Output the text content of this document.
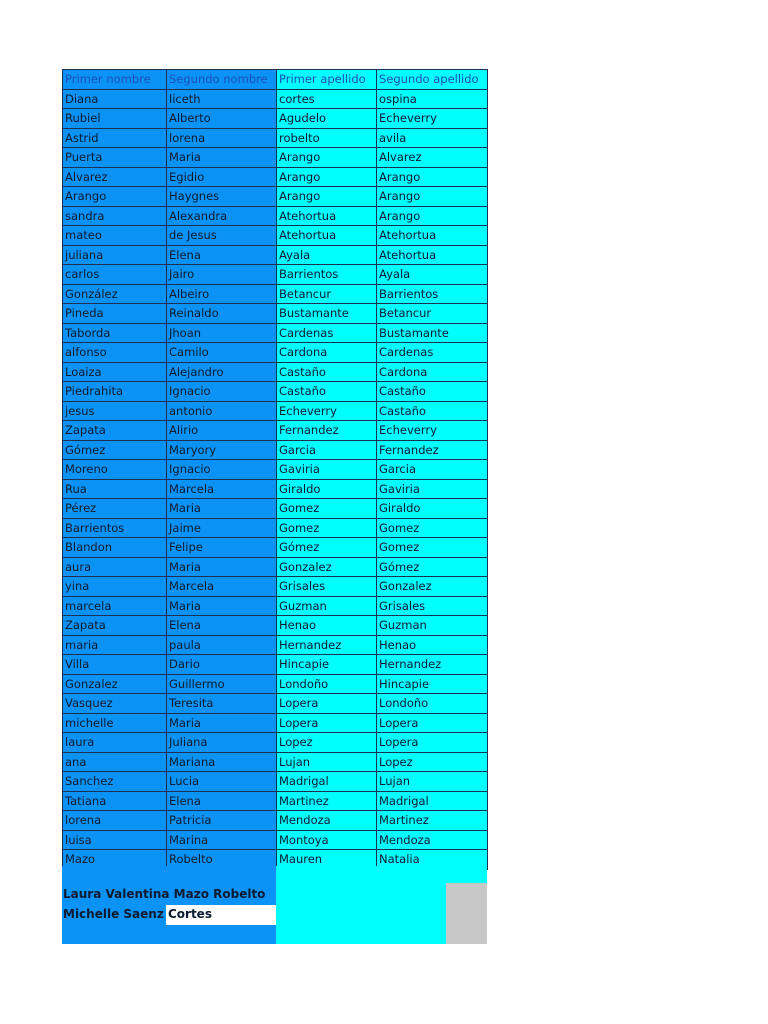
Primer nombre	Segundo nombre	Primer apellido	Segundo apellido
Diana	liceth	cortes	ospina
Rubiel	Alberto	Agudelo	Echeverry
Astrid	lorena	robelto	avila
Puerta	Maria	Arango	Alvarez
Alvarez	Egidio	Arango	Arango
Arango	Haygnes	Arango	Arango
sandra	Alexandra	Atehortua	Arango
mateo	de Jesus	Atehortua	Atehortua
juliana	Elena	Ayala	Atehortua
carlos	Jairo	Barrientos	Ayala
González	Albeiro	Betancur	Barrientos
Pineda	Reinaldo	Bustamante	Betancur
Taborda	Jhoan	Cardenas	Bustamante
alfonso	Camilo	Cardona	Cardenas
Loaiza	Alejandro	Castaño	Cardona
Piedrahita	Ignacio	Castaño	Castaño
jesus	antonio	Echeverry	Castaño
Zapata	Alirio	Fernandez	Echeverry
Gómez	Maryory	Garcia	Fernandez
Moreno	Ignacio	Gaviria	Garcia
Rua	Marcela	Giraldo	Gaviria
Pérez	Maria	Gomez	Giraldo
Barrientos	Jaime	Gomez	Gomez
Blandon	Felipe	Gómez	Gomez
aura	Maria	Gonzalez	Gómez
yina	Marcela	Grisales	Gonzalez
marcela	Maria	Guzman	Grisales
Zapata	Elena	Henao	Guzman
maria	paula	Hernandez	Henao
Villa	Dario	Hincapie	Hernandez
Gonzalez	Guillermo	Londoño	Hincapie
Vasquez	Teresita	Lopera	Londoño
michelle	Maria	Lopera	Lopera
laura	Juliana	Lopez	Lopera
ana	Mariana	Lujan	Lopez
Sanchez	Lucia	Madrigal	Lujan
Tatiana	Elena	Martinez	Madrigal
lorena	Patricia	Mendoza	Martinez
luisa	Marina	Montoya	Mendoza
Mazo	Robelto	Mauren	Natalia
Laura Valentina Mazo Robelto
Michelle Saenz Cortes
